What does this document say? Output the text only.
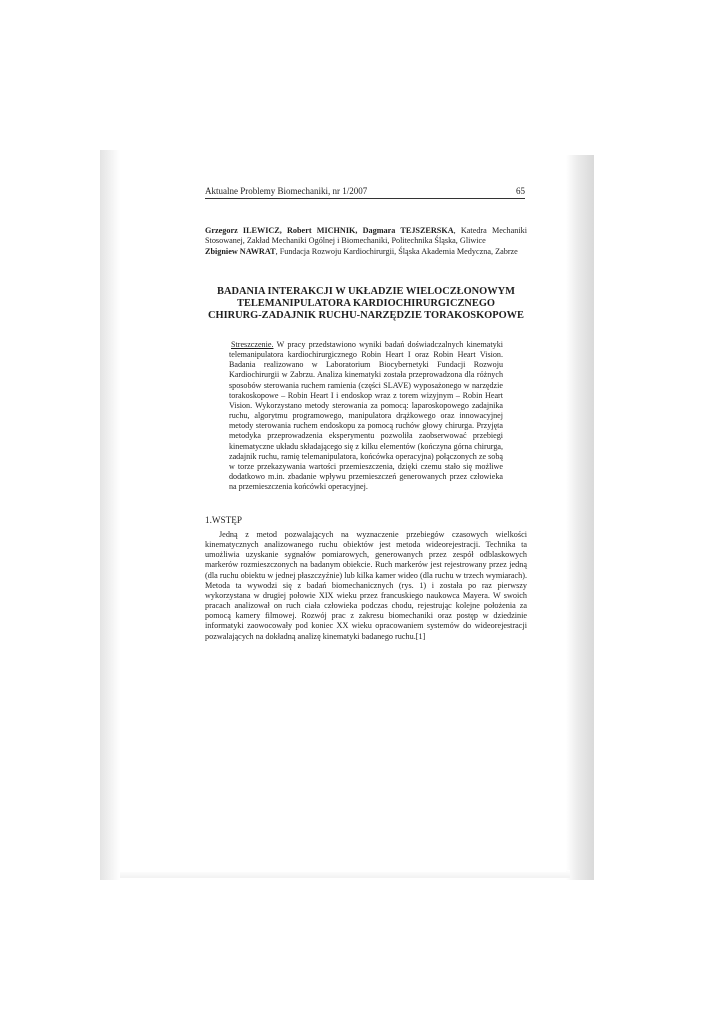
Aktualne Problemy Biomechaniki, nr 1/2007	65
Grzegorz ILEWICZ, Robert MICHNIK, Dagmara TEJSZERSKA, Katedra Mechaniki Stosowanej, Zakład Mechaniki Ogólnej i Biomechaniki, Politechnika Śląska, Gliwice
Zbigniew NAWRAT, Fundacja Rozwoju Kardiochirurgii, Śląska Akademia Medyczna, Zabrze
BADANIA INTERAKCJI W UKŁADZIE WIELOCZŁONOWYM
TELEMANIPULATORA KARDIOCHIRURGICZNEGO
CHIRURG-ZADAJNIK RUCHU-NARZĘDZIE TORAKOSKOPOWE
Streszczenie. W pracy przedstawiono wyniki badań doświadczalnych kinematyki telemanipulatora kardiochirurgicznego Robin Heart I oraz Robin Heart Vision. Badania realizowano w Laboratorium Biocybernetyki Fundacji Rozwoju Kardiochirurgii w Zabrzu. Analiza kinematyki została przeprowadzona dla różnych sposobów sterowania ruchem ramienia (części SLAVE) wyposażonego w narzędzie torakoskopowe – Robin Heart I i endoskop wraz z torem wizyjnym – Robin Heart Vision. Wykorzystano metody sterowania za pomocą: laparoskopowego zadajnika ruchu, algorytmu programowego, manipulatora drążkowego oraz innowacyjnej metody sterowania ruchem endoskopu za pomocą ruchów głowy chirurga. Przyjęta metodyka przeprowadzenia eksperymentu pozwoliła zaobserwować przebiegi kinematyczne układu składającego się z kilku elementów (kończyna górna chirurga, zadajnik ruchu, ramię telemanipulatora, końcówka operacyjna) połączonych ze sobą w torze przekazywania wartości przemieszczenia, dzięki czemu stało się możliwe dodatkowo m.in. zbadanie wpływu przemieszczeń generowanych przez człowieka na przemieszczenia końcówki operacyjnej.
1.WSTĘP
Jedną z metod pozwalających na wyznaczenie przebiegów czasowych wielkości kinematycznych analizowanego ruchu obiektów jest metoda wideorejestracji. Technika ta umożliwia uzyskanie sygnałów pomiarowych, generowanych przez zespół odblaskowych markerów rozmieszczonych na badanym obiekcie. Ruch markerów jest rejestrowany przez jedną (dla ruchu obiektu w jednej płaszczyźnie) lub kilka kamer wideo (dla ruchu w trzech wymiarach). Metoda ta wywodzi się z badań biomechanicznych (rys. 1) i została po raz pierwszy wykorzystana w drugiej połowie XIX wieku przez francuskiego naukowca Mayera. W swoich pracach analizował on ruch ciała człowieka podczas chodu, rejestrując kolejne położenia za pomocą kamery filmowej. Rozwój prac z zakresu biomechaniki oraz postęp w dziedzinie informatyki zaowocowały pod koniec XX wieku opracowaniem systemów do wideorejestracji pozwalających na dokładną analizę kinematyki badanego ruchu.[1]
